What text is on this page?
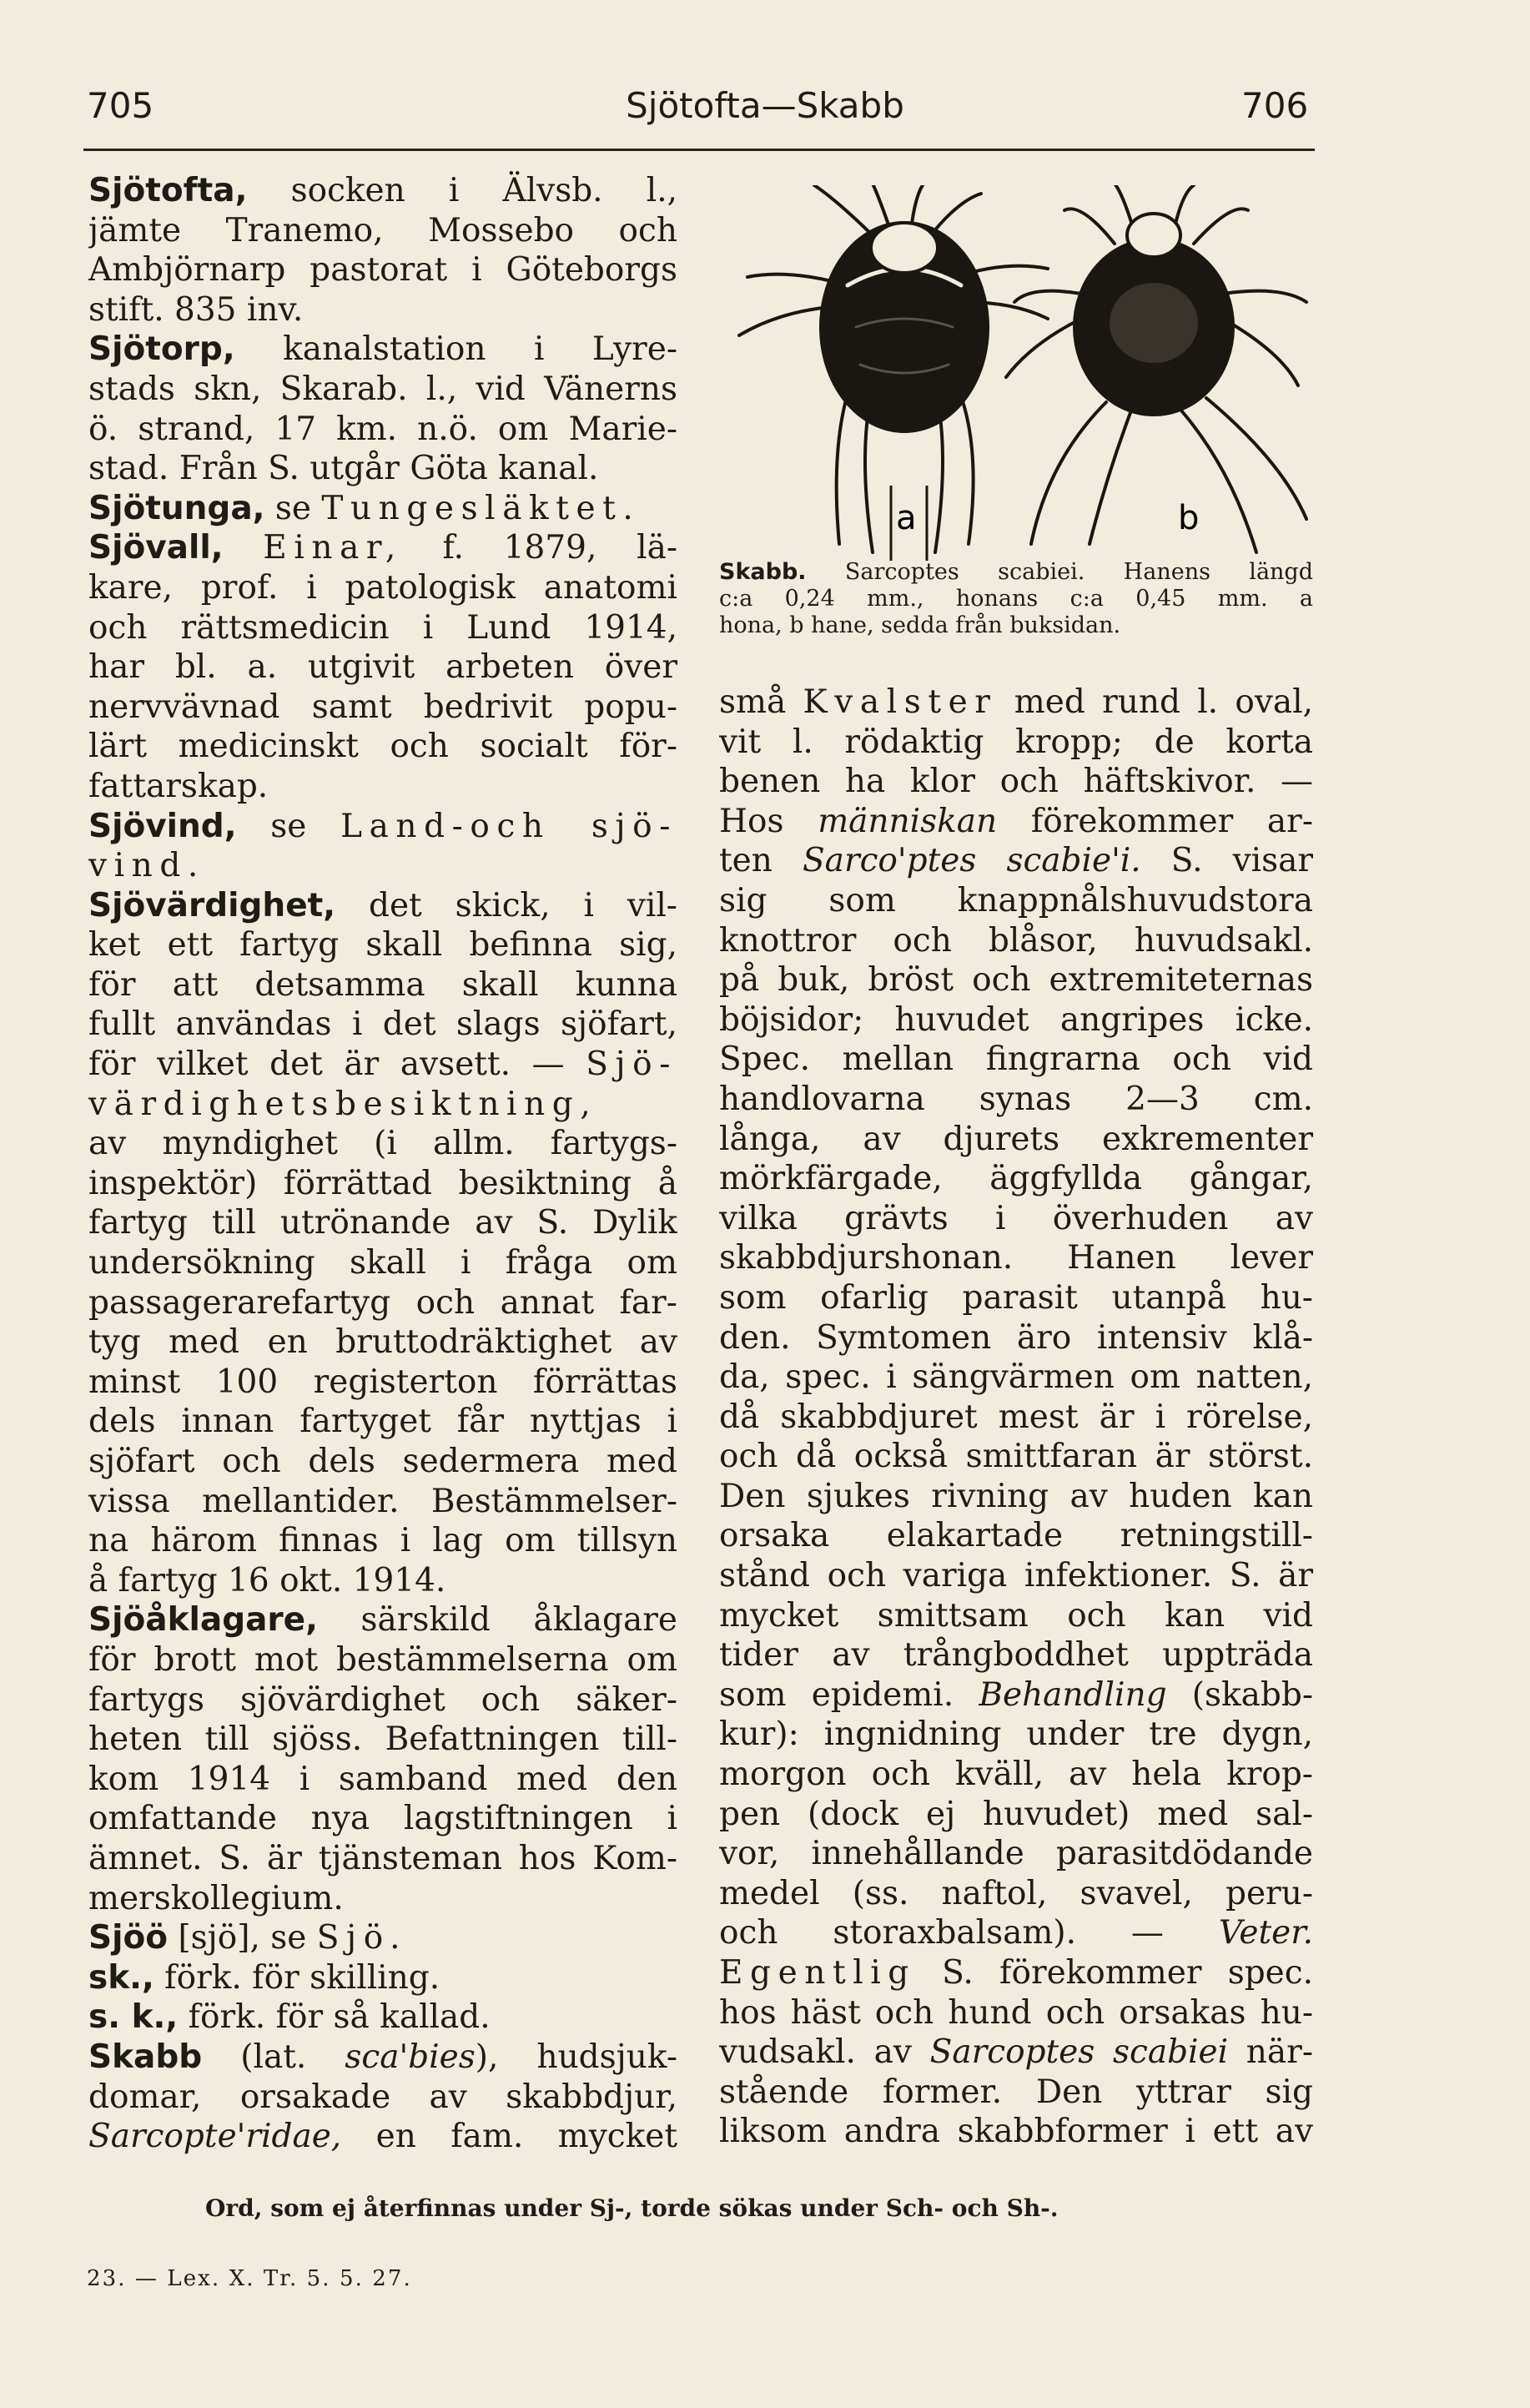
705	Sjötofta—Skabb	706
Sjötofta, socken i Älvsb. l.,
jämte Tranemo, Mossebo och
Ambjörnarp pastorat i Göteborgs
stift. 835 inv.
Sjötorp, kanalstation i Lyre-
stads skn, Skarab. l., vid Vänerns
ö. strand, 17 km. n.ö. om Marie-
stad. Från S. utgår Göta kanal.
Sjötunga, se Tungesläktet.
Sjövall, Einar, f. 1879, lä-
kare, prof. i patologisk anatomi
och rättsmedicin i Lund 1914,
har bl. a. utgivit arbeten över
nervvävnad samt bedrivit popu-
lärt medicinskt och socialt för-
fattarskap.
Sjövind, se Land-och sjö-
vind.
Sjövärdighet, det skick, i vil-
ket ett fartyg skall befinna sig,
för att detsamma skall kunna
fullt användas i det slags sjöfart,
för vilket det är avsett. — Sjö-
värdighetsbesiktning,
av myndighet (i allm. fartygs-
inspektör) förrättad besiktning å
fartyg till utrönande av S. Dylik
undersökning skall i fråga om
passagerarefartyg och annat far-
tyg med en bruttodräktighet av
minst 100 registerton förrättas
dels innan fartyget får nyttjas i
sjöfart och dels sedermera med
vissa mellantider. Bestämmelser-
na härom finnas i lag om tillsyn
å fartyg 16 okt. 1914.
Sjöåklagare, särskild åklagare
för brott mot bestämmelserna om
fartygs sjövärdighet och säker-
heten till sjöss. Befattningen till-
kom 1914 i samband med den
omfattande nya lagstiftningen i
ämnet. S. är tjänsteman hos Kom-
merskollegium.
Sjöö [sjö], se Sjö.
sk., förk. för skilling.
s. k., förk. för så kallad.
Skabb (lat. sca'bies), hudsjuk-
domar, orsakade av skabbdjur,
Sarcopte'ridae, en fam. mycket
a	b
Skabb. Sarcoptes scabiei. Hanens längd
c:a 0,24 mm., honans c:a 0,45 mm. a
hona, b hane, sedda från buksidan.
små Kvalster med rund l. oval,
vit l. rödaktig kropp; de korta
benen ha klor och häftskivor. —
Hos människan förekommer ar-
ten Sarco'ptes scabie'i. S. visar
sig som knappnålshuvudstora
knottror och blåsor, huvudsakl.
på buk, bröst och extremiteternas
böjsidor; huvudet angripes icke.
Spec. mellan fingrarna och vid
handlovarna synas 2—3 cm.
långa, av djurets exkrementer
mörkfärgade, äggfyllda gångar,
vilka grävts i överhuden av
skabbdjurshonan. Hanen lever
som ofarlig parasit utanpå hu-
den. Symtomen äro intensiv klå-
da, spec. i sängvärmen om natten,
då skabbdjuret mest är i rörelse,
och då också smittfaran är störst.
Den sjukes rivning av huden kan
orsaka elakartade retningstill-
stånd och variga infektioner. S. är
mycket smittsam och kan vid
tider av trångboddhet uppträda
som epidemi. Behandling (skabb-
kur): ingnidning under tre dygn,
morgon och kväll, av hela krop-
pen (dock ej huvudet) med sal-
vor, innehållande parasitdödande
medel (ss. naftol, svavel, peru-
och storaxbalsam). — Veter.
Egentlig S. förekommer spec.
hos häst och hund och orsakas hu-
vudsakl. av Sarcoptes scabiei när-
stående former. Den yttrar sig
liksom andra skabbformer i ett av
Ord, som ej återfinnas under Sj-, torde sökas under Sch- och Sh-.
23. — Lex. X. Tr. 5. 5. 27.
